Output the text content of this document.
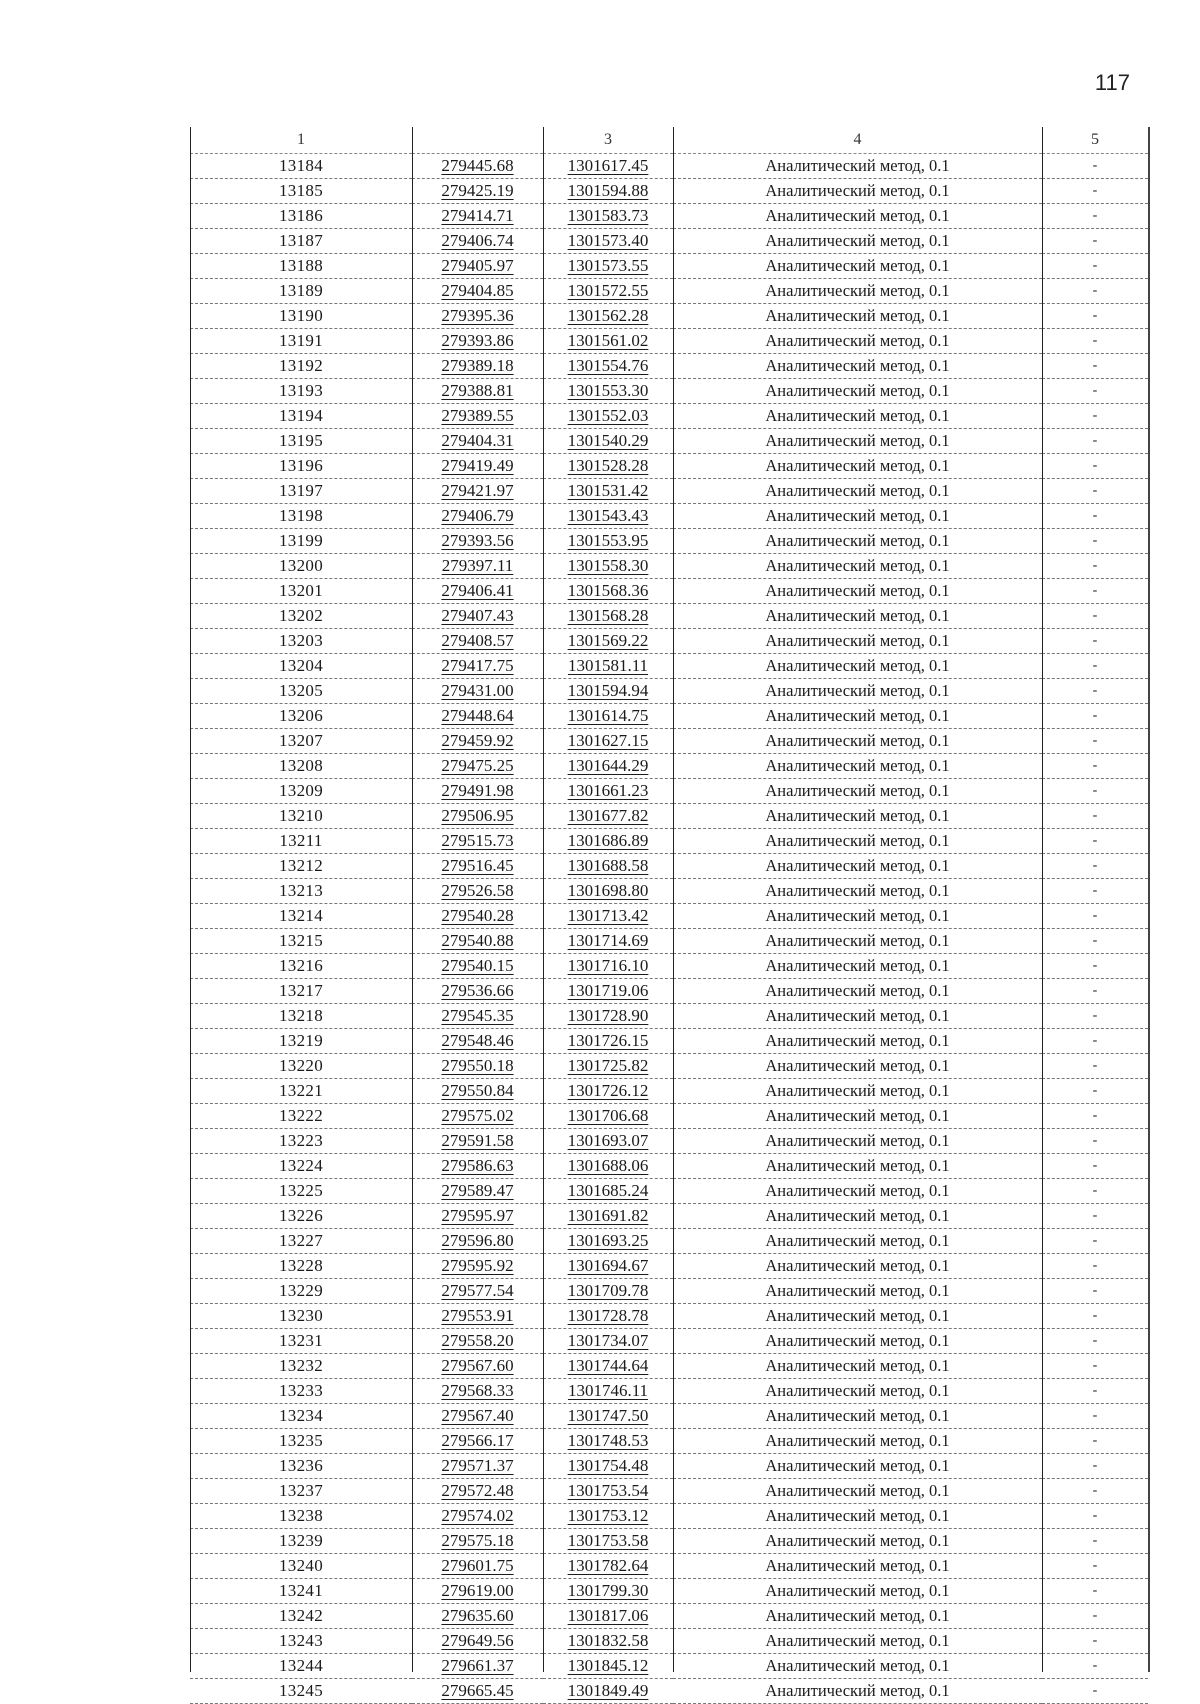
117
1		3	4	5
13184	279445.68	1301617.45	Аналитический метод, 0.1	-
13185	279425.19	1301594.88	Аналитический метод, 0.1	-
13186	279414.71	1301583.73	Аналитический метод, 0.1	-
13187	279406.74	1301573.40	Аналитический метод, 0.1	-
13188	279405.97	1301573.55	Аналитический метод, 0.1	-
13189	279404.85	1301572.55	Аналитический метод, 0.1	-
13190	279395.36	1301562.28	Аналитический метод, 0.1	-
13191	279393.86	1301561.02	Аналитический метод, 0.1	-
13192	279389.18	1301554.76	Аналитический метод, 0.1	-
13193	279388.81	1301553.30	Аналитический метод, 0.1	-
13194	279389.55	1301552.03	Аналитический метод, 0.1	-
13195	279404.31	1301540.29	Аналитический метод, 0.1	-
13196	279419.49	1301528.28	Аналитический метод, 0.1	-
13197	279421.97	1301531.42	Аналитический метод, 0.1	-
13198	279406.79	1301543.43	Аналитический метод, 0.1	-
13199	279393.56	1301553.95	Аналитический метод, 0.1	-
13200	279397.11	1301558.30	Аналитический метод, 0.1	-
13201	279406.41	1301568.36	Аналитический метод, 0.1	-
13202	279407.43	1301568.28	Аналитический метод, 0.1	-
13203	279408.57	1301569.22	Аналитический метод, 0.1	-
13204	279417.75	1301581.11	Аналитический метод, 0.1	-
13205	279431.00	1301594.94	Аналитический метод, 0.1	-
13206	279448.64	1301614.75	Аналитический метод, 0.1	-
13207	279459.92	1301627.15	Аналитический метод, 0.1	-
13208	279475.25	1301644.29	Аналитический метод, 0.1	-
13209	279491.98	1301661.23	Аналитический метод, 0.1	-
13210	279506.95	1301677.82	Аналитический метод, 0.1	-
13211	279515.73	1301686.89	Аналитический метод, 0.1	-
13212	279516.45	1301688.58	Аналитический метод, 0.1	-
13213	279526.58	1301698.80	Аналитический метод, 0.1	-
13214	279540.28	1301713.42	Аналитический метод, 0.1	-
13215	279540.88	1301714.69	Аналитический метод, 0.1	-
13216	279540.15	1301716.10	Аналитический метод, 0.1	-
13217	279536.66	1301719.06	Аналитический метод, 0.1	-
13218	279545.35	1301728.90	Аналитический метод, 0.1	-
13219	279548.46	1301726.15	Аналитический метод, 0.1	-
13220	279550.18	1301725.82	Аналитический метод, 0.1	-
13221	279550.84	1301726.12	Аналитический метод, 0.1	-
13222	279575.02	1301706.68	Аналитический метод, 0.1	-
13223	279591.58	1301693.07	Аналитический метод, 0.1	-
13224	279586.63	1301688.06	Аналитический метод, 0.1	-
13225	279589.47	1301685.24	Аналитический метод, 0.1	-
13226	279595.97	1301691.82	Аналитический метод, 0.1	-
13227	279596.80	1301693.25	Аналитический метод, 0.1	-
13228	279595.92	1301694.67	Аналитический метод, 0.1	-
13229	279577.54	1301709.78	Аналитический метод, 0.1	-
13230	279553.91	1301728.78	Аналитический метод, 0.1	-
13231	279558.20	1301734.07	Аналитический метод, 0.1	-
13232	279567.60	1301744.64	Аналитический метод, 0.1	-
13233	279568.33	1301746.11	Аналитический метод, 0.1	-
13234	279567.40	1301747.50	Аналитический метод, 0.1	-
13235	279566.17	1301748.53	Аналитический метод, 0.1	-
13236	279571.37	1301754.48	Аналитический метод, 0.1	-
13237	279572.48	1301753.54	Аналитический метод, 0.1	-
13238	279574.02	1301753.12	Аналитический метод, 0.1	-
13239	279575.18	1301753.58	Аналитический метод, 0.1	-
13240	279601.75	1301782.64	Аналитический метод, 0.1	-
13241	279619.00	1301799.30	Аналитический метод, 0.1	-
13242	279635.60	1301817.06	Аналитический метод, 0.1	-
13243	279649.56	1301832.58	Аналитический метод, 0.1	-
13244	279661.37	1301845.12	Аналитический метод, 0.1	-
13245	279665.45	1301849.49	Аналитический метод, 0.1	-
